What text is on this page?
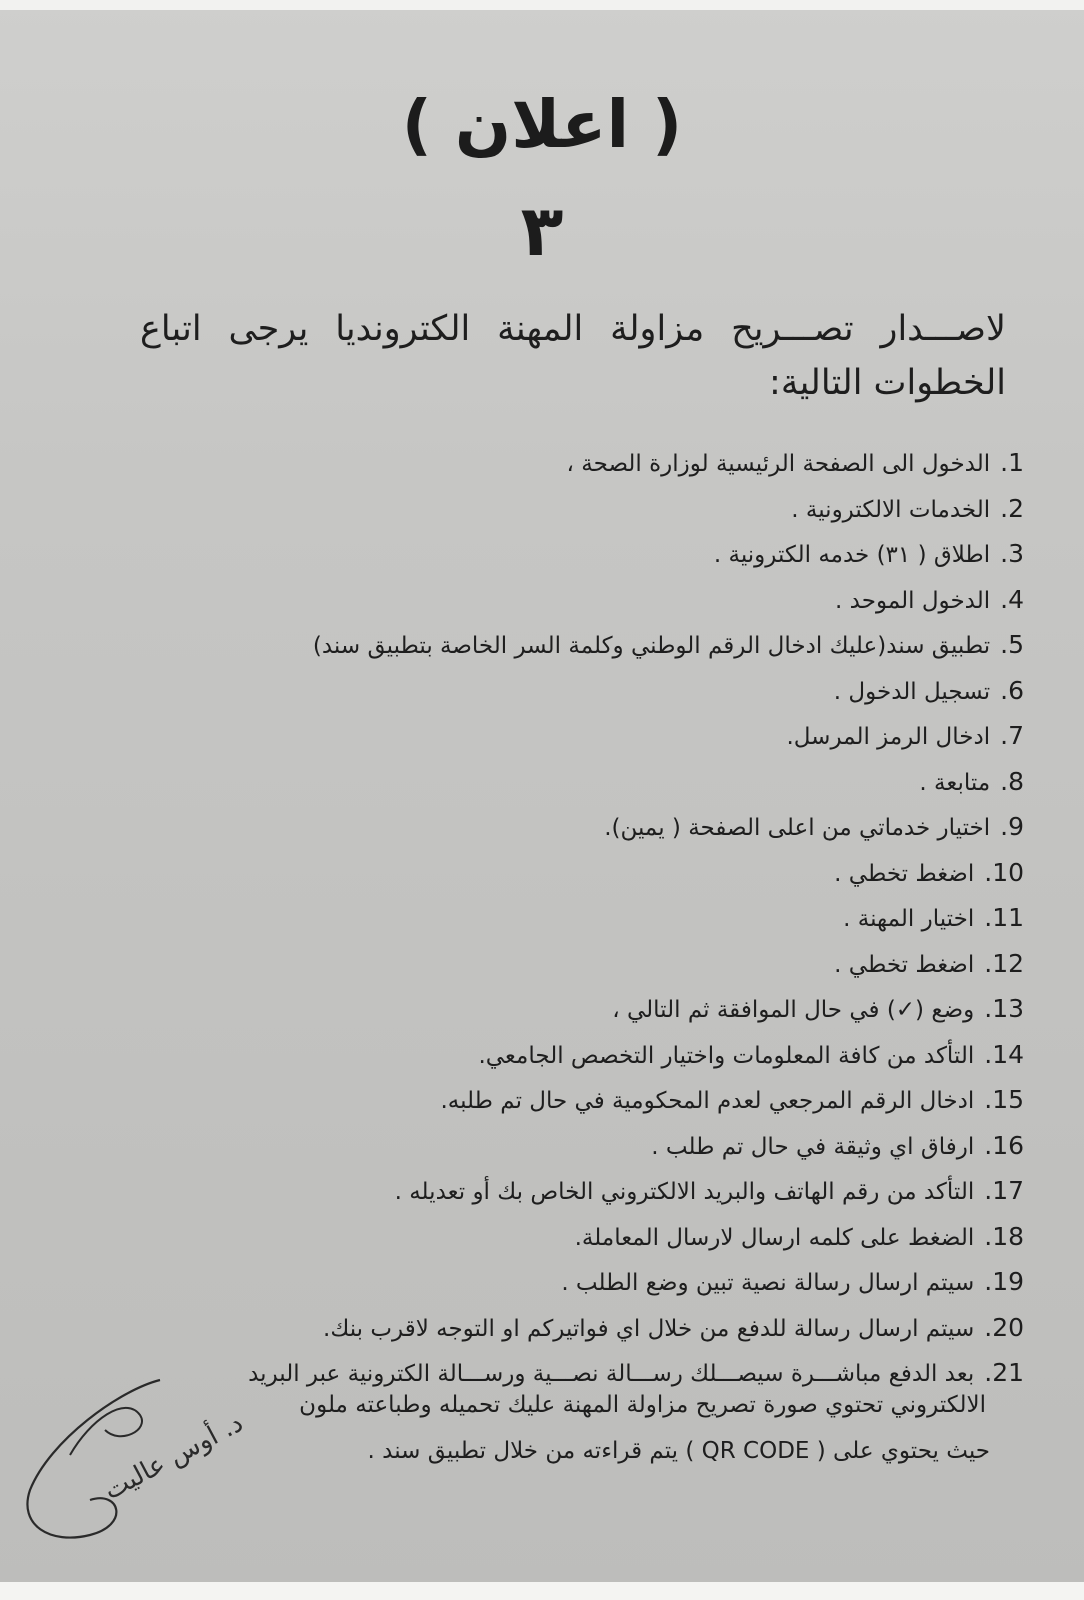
( اعلان )
٣
لاصـــدار تصـــريح مزاولة المهنة الكترونديا يرجى اتباع الخطوات التالية:
1 .الدخول الى الصفحة الرئيسية لوزارة الصحة ،
2 .الخدمات الالكترونية .
3 .اطلاق ( ٣١) خدمه الكترونية .
4 .الدخول الموحد .
5 .تطبيق سند(عليك ادخال الرقم الوطني وكلمة السر الخاصة بتطبيق سند)
6 .تسجيل الدخول .
7 .ادخال الرمز المرسل.
8 .متابعة .
9 .اختيار خدماتي من اعلى الصفحة ( يمين).
10 .اضغط تخطي .
11 .اختيار المهنة .
12 .اضغط تخطي .
13 .وضع (✓) في حال الموافقة ثم التالي ،
14 .التأكد من كافة المعلومات واختيار التخصص الجامعي.
15 .ادخال الرقم المرجعي لعدم المحكومية في حال تم طلبه.
16 .ارفاق اي وثيقة في حال تم طلب .
17 .التأكد من رقم الهاتف والبريد الالكتروني الخاص بك أو تعديله .
18 .الضغط على كلمه ارسال لارسال المعاملة.
19 .سيتم ارسال رسالة نصية تبين وضع الطلب .
20 .سيتم ارسال رسالة للدفع من خلال اي فواتيركم او التوجه لاقرب بنك.
21 .بعد الدفع مباشـــرة سيصـــلك رســـالة نصـــية ورســـالة الكترونية عبر البريد
الالكتروني تحتوي صورة تصريح مزاولة المهنة عليك تحميله وطباعته ملون
حيث يحتوي على ( QR CODE ) يتم قراءته من خلال تطبيق سند .
د. أوس عاليت
